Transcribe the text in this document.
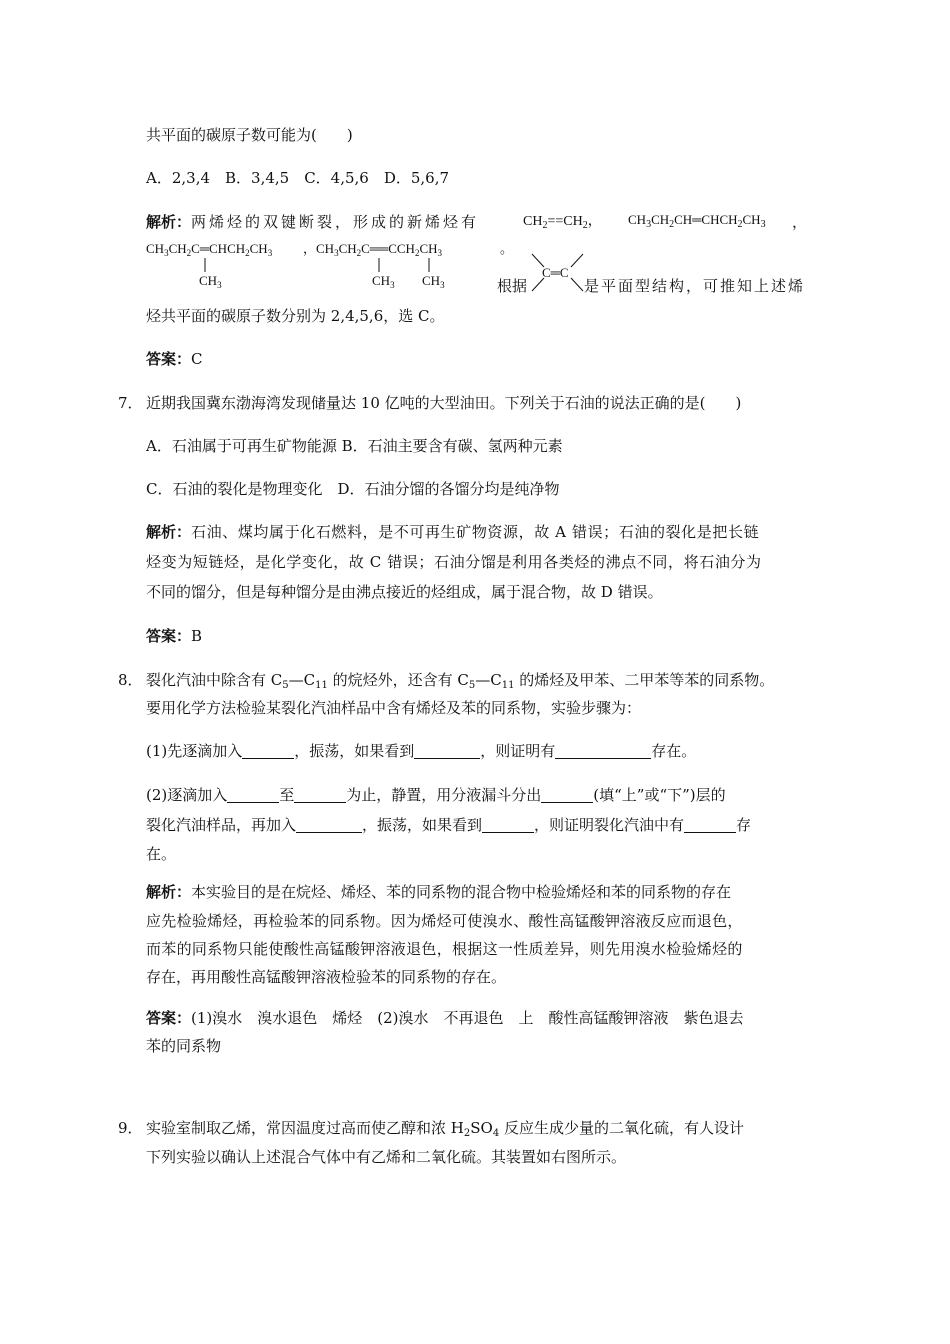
共平面的碳原子数可能为(　　)
A．2,3,4　B．3,4,5　C．4,5,6　D．5,6,7
解析：两烯烃的双键断裂，形成的新烯烃有	$CH_2==CH_2$， $CH_3CH_2CH═CHCH_2CH_3$ ，
CH3CH2C═CHCH2CH3
CH3
， CH3CH2C══CCH2CH3
CH3 CH3
。
C═C
根据	是平面型结构，可推知上述烯
烃共平面的碳原子数分别为 2,4,5,6，选 C。
答案：C
7． 近期我国冀东渤海湾发现储量达 10 亿吨的大型油田。下列关于石油的说法正确的是(　　)
A．石油属于可再生矿物能源 B．石油主要含有碳、氢两种元素
C．石油的裂化是物理变化　D．石油分馏的各馏分均是纯净物
解析：石油、煤均属于化石燃料，是不可再生矿物资源，故 A 错误；石油的裂化是把长链
烃变为短链烃，是化学变化，故 C 错误；石油分馏是利用各类烃的沸点不同，将石油分为
不同的馏分，但是每种馏分是由沸点接近的烃组成，属于混合物，故 D 错误。
答案：B
8． 裂化汽油中除含有 $C_5—C_{11}$ 的烷烃外，还含有 $C_5—C_{11}$ 的烯烃及甲苯、二甲苯等苯的同系物。
要用化学方法检验某裂化汽油样品中含有烯烃及苯的同系物，实验步骤为：
(1)先逐滴加入	，振荡，如果看到	，则证明有	存在。
(2)逐滴加入	至	为止，静置，用分液漏斗分出	(填“上”或“下”)层的
裂化汽油样品，再加入	，振荡，如果看到	，则证明裂化汽油中有	存
在。
解析：本实验目的是在烷烃、烯烃、苯的同系物的混合物中检验烯烃和苯的同系物的存在
应先检验烯烃，再检验苯的同系物。因为烯烃可使溴水、酸性高锰酸钾溶液反应而退色，
而苯的同系物只能使酸性高锰酸钾溶液退色，根据这一性质差异，则先用溴水检验烯烃的
存在，再用酸性高锰酸钾溶液检验苯的同系物的存在。
答案：(1)溴水　溴水退色　烯烃　(2)溴水　不再退色　上　酸性高锰酸钾溶液　紫色退去
苯的同系物
9． 实验室制取乙烯，常因温度过高而使乙醇和浓 $H_2SO_4$ 反应生成少量的二氧化硫，有人设计
下列实验以确认上述混合气体中有乙烯和二氧化硫。其装置如右图所示。
